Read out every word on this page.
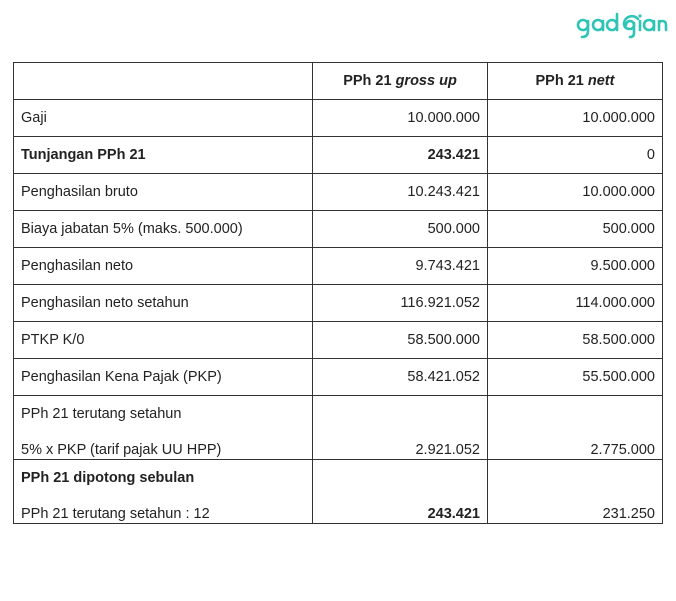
	PPh 21 gross up	PPh 21 nett
Gaji	10.000.000	10.000.000
Tunjangan PPh 21	243.421	0
Penghasilan bruto	10.243.421	10.000.000
Biaya jabatan 5% (maks. 500.000)	500.000	500.000
Penghasilan neto	9.743.421	9.500.000
Penghasilan neto setahun	116.921.052	114.000.000
PTKP K/0	58.500.000	58.500.000
Penghasilan Kena Pajak (PKP)	58.421.052	55.500.000

PPh 21 terutang setahun
5% x PKP (tarif pajak UU HPP)	2.921.052	2.775.000

PPh 21 dipotong sebulan
PPh 21 terutang setahun : 12	243.421	231.250
